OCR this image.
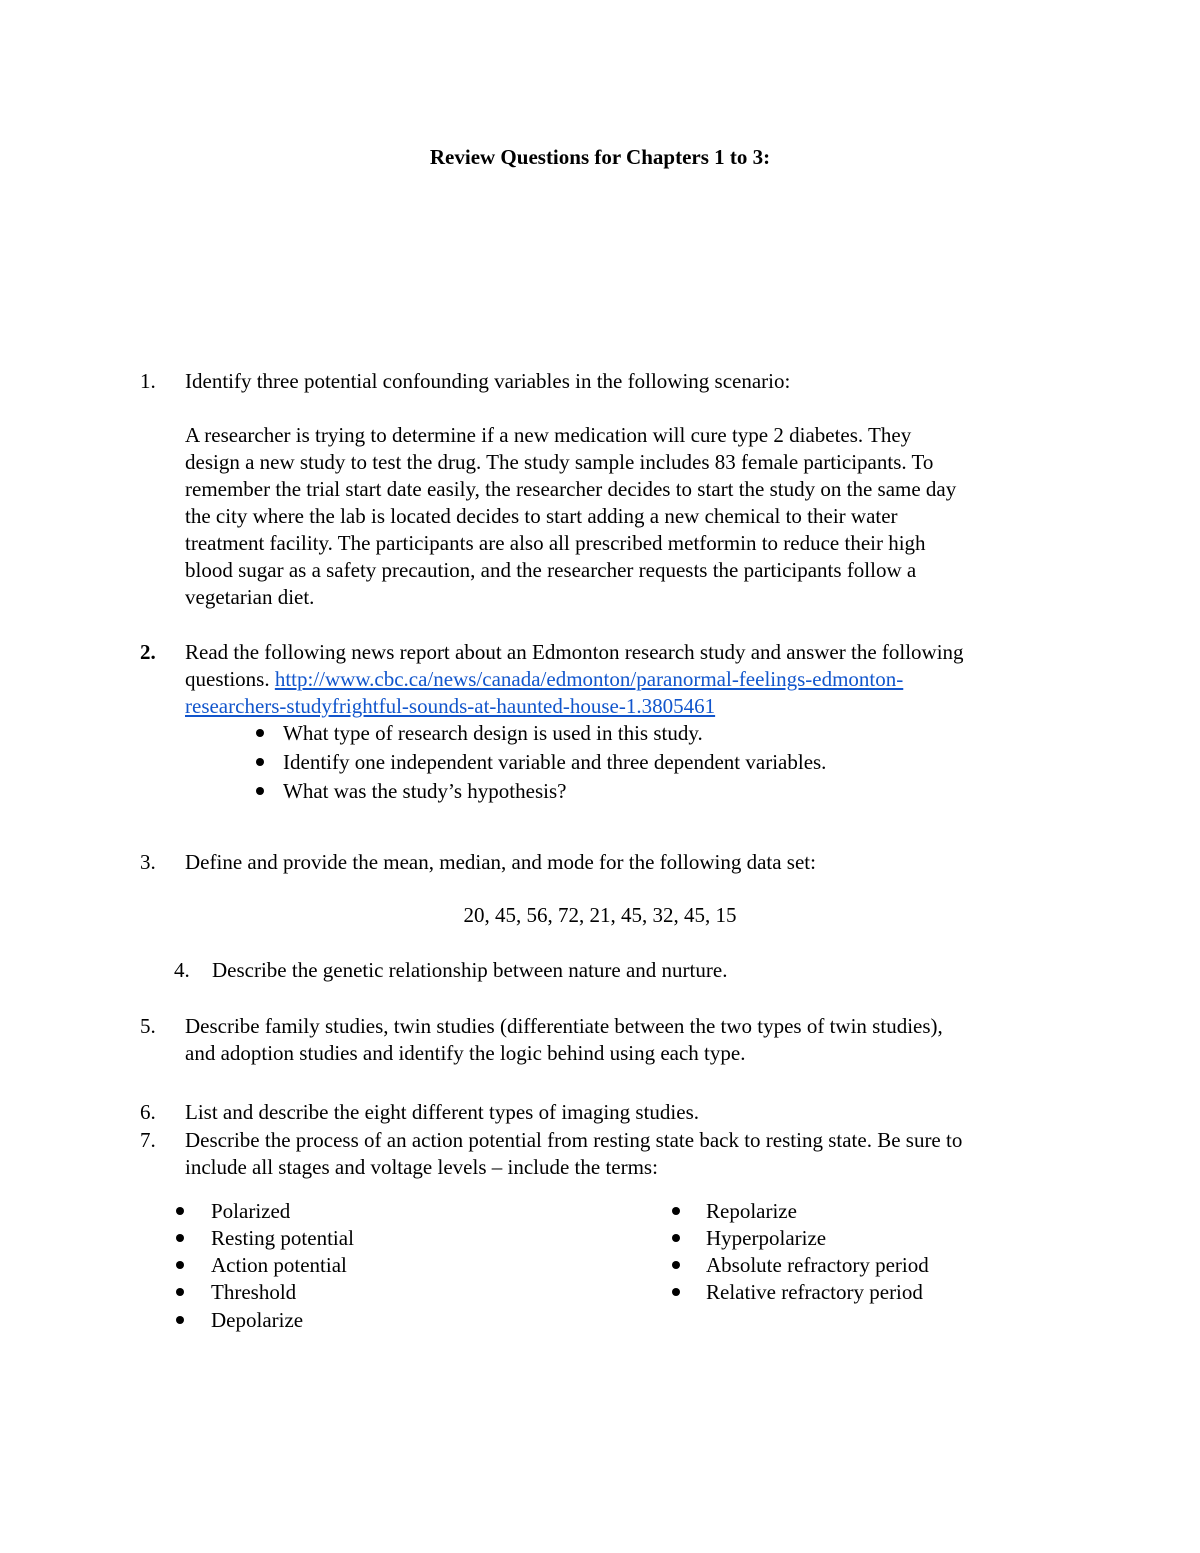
Review Questions for Chapters 1 to 3:
1.	Identify three potential confounding variables in the following scenario:
A researcher is trying to determine if a new medication will cure type 2 diabetes. They
design a new study to test the drug. The study sample includes 83 female participants. To
remember the trial start date easily, the researcher decides to start the study on the same day
the city where the lab is located decides to start adding a new chemical to their water
treatment facility. The participants are also all prescribed metformin to reduce their high
blood sugar as a safety precaution, and the researcher requests the participants follow a
vegetarian diet.
2.	Read the following news report about an Edmonton research study and answer the following
questions. http://www.cbc.ca/news/canada/edmonton/paranormal-feelings-edmonton-
researchers-studyfrightful-sounds-at-haunted-house-1.3805461
What type of research design is used in this study.
Identify one independent variable and three dependent variables.
What was the study’s hypothesis?
3.	Define and provide the mean, median, and mode for the following data set:
20, 45, 56, 72, 21, 45, 32, 45, 15
4.	Describe the genetic relationship between nature and nurture.
5.	Describe family studies, twin studies (differentiate between the two types of twin studies),
and adoption studies and identify the logic behind using each type.
6.	List and describe the eight different types of imaging studies.
7.	Describe the process of an action potential from resting state back to resting state. Be sure to
include all stages and voltage levels – include the terms:
Polarized
Resting potential
Action potential
Threshold
Depolarize
Repolarize
Hyperpolarize
Absolute refractory period
Relative refractory period
